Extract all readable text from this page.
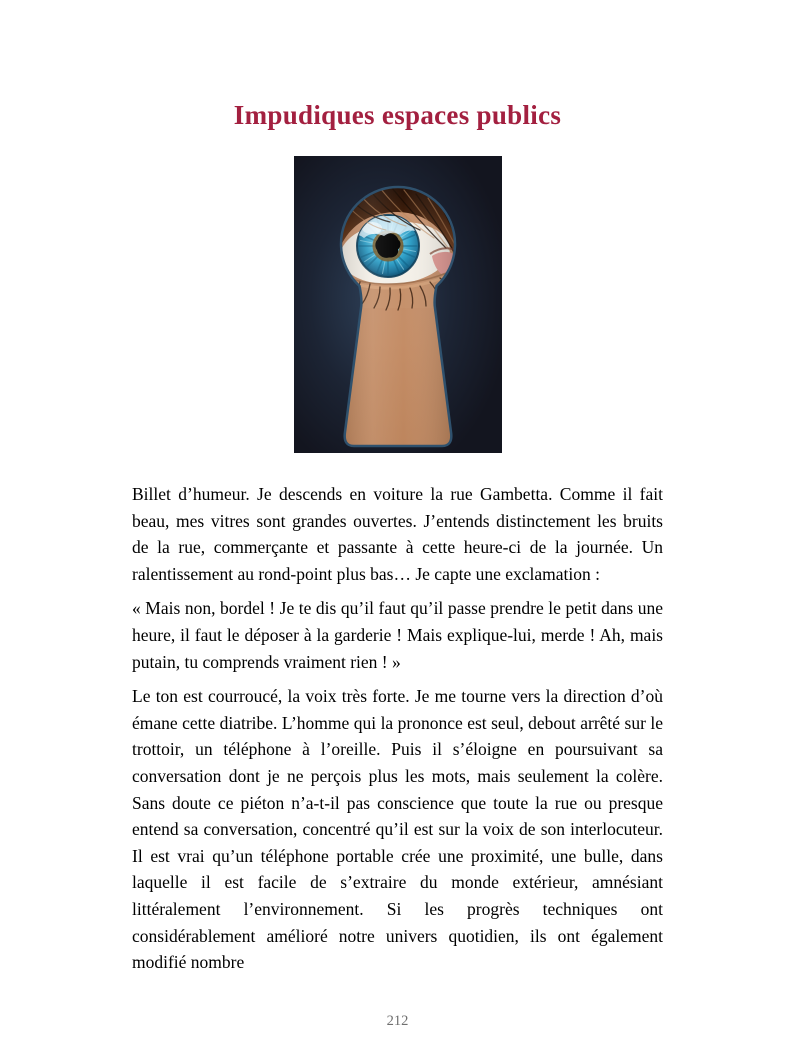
Impudiques espaces publics

Billet d’humeur. Je descends en voiture la rue Gambetta. Comme il fait beau, mes vitres sont grandes ouvertes. J’entends distinctement les bruits de la rue, commerçante et passante à cette heure-ci de la journée. Un ralentissement au rond-point plus bas… Je capte une exclamation :

« Mais non, bordel ! Je te dis qu’il faut qu’il passe prendre le petit dans une heure, il faut le déposer à la garderie ! Mais explique-lui, merde ! Ah, mais putain, tu comprends vraiment rien ! »

Le ton est courroucé, la voix très forte. Je me tourne vers la direction d’où émane cette diatribe. L’homme qui la prononce est seul, debout arrêté sur le trottoir, un téléphone à l’oreille. Puis il s’éloigne en poursuivant sa conversation dont je ne perçois plus les mots, mais seulement la colère. Sans doute ce piéton n’a-t-il pas conscience que toute la rue ou presque entend sa conversation, concentré qu’il est sur la voix de son interlocuteur. Il est vrai qu’un téléphone portable crée une proximité, une bulle, dans laquelle il est facile de s’extraire du monde extérieur, amnésiant littéralement l’environnement. Si les progrès techniques ont considérablement amélioré notre univers quotidien, ils ont également modifié nombre

212
